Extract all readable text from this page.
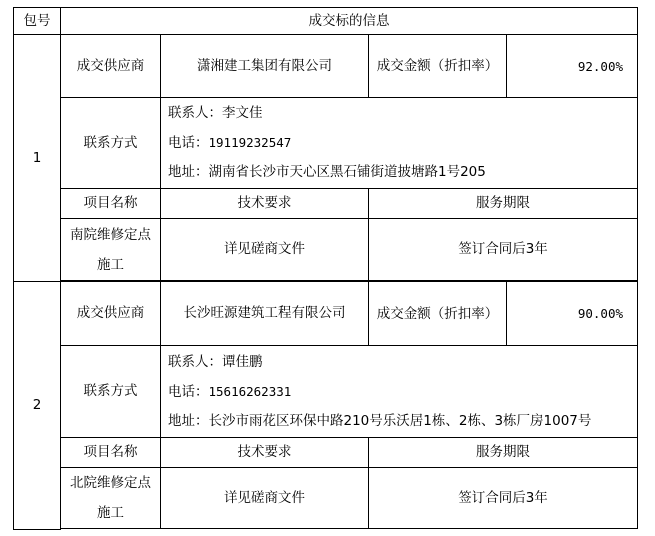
包号	成交标的信息			
1	成交供应商	潇湘建工集团有限公司	成交金额（折扣率）	92.00%
	联系方式	联系人：李文佳
电话：19119232547
地址：湖南省长沙市天心区黑石铺街道披塘路1号205		

	项目名称	技术要求	服务期限	
	南院维修定点施工	详见磋商文件	签订合同后3年	

2	成交供应商	长沙旺源建筑工程有限公司	成交金额（折扣率）	90.00%
	联系方式	联系人：谭佳鹏
电话：15616262331
地址：长沙市雨花区环保中路210号乐沃居1栋、2栋、3栋厂房1007号		

	项目名称	技术要求	服务期限	
	北院维修定点施工	详见磋商文件	签订合同后3年	
